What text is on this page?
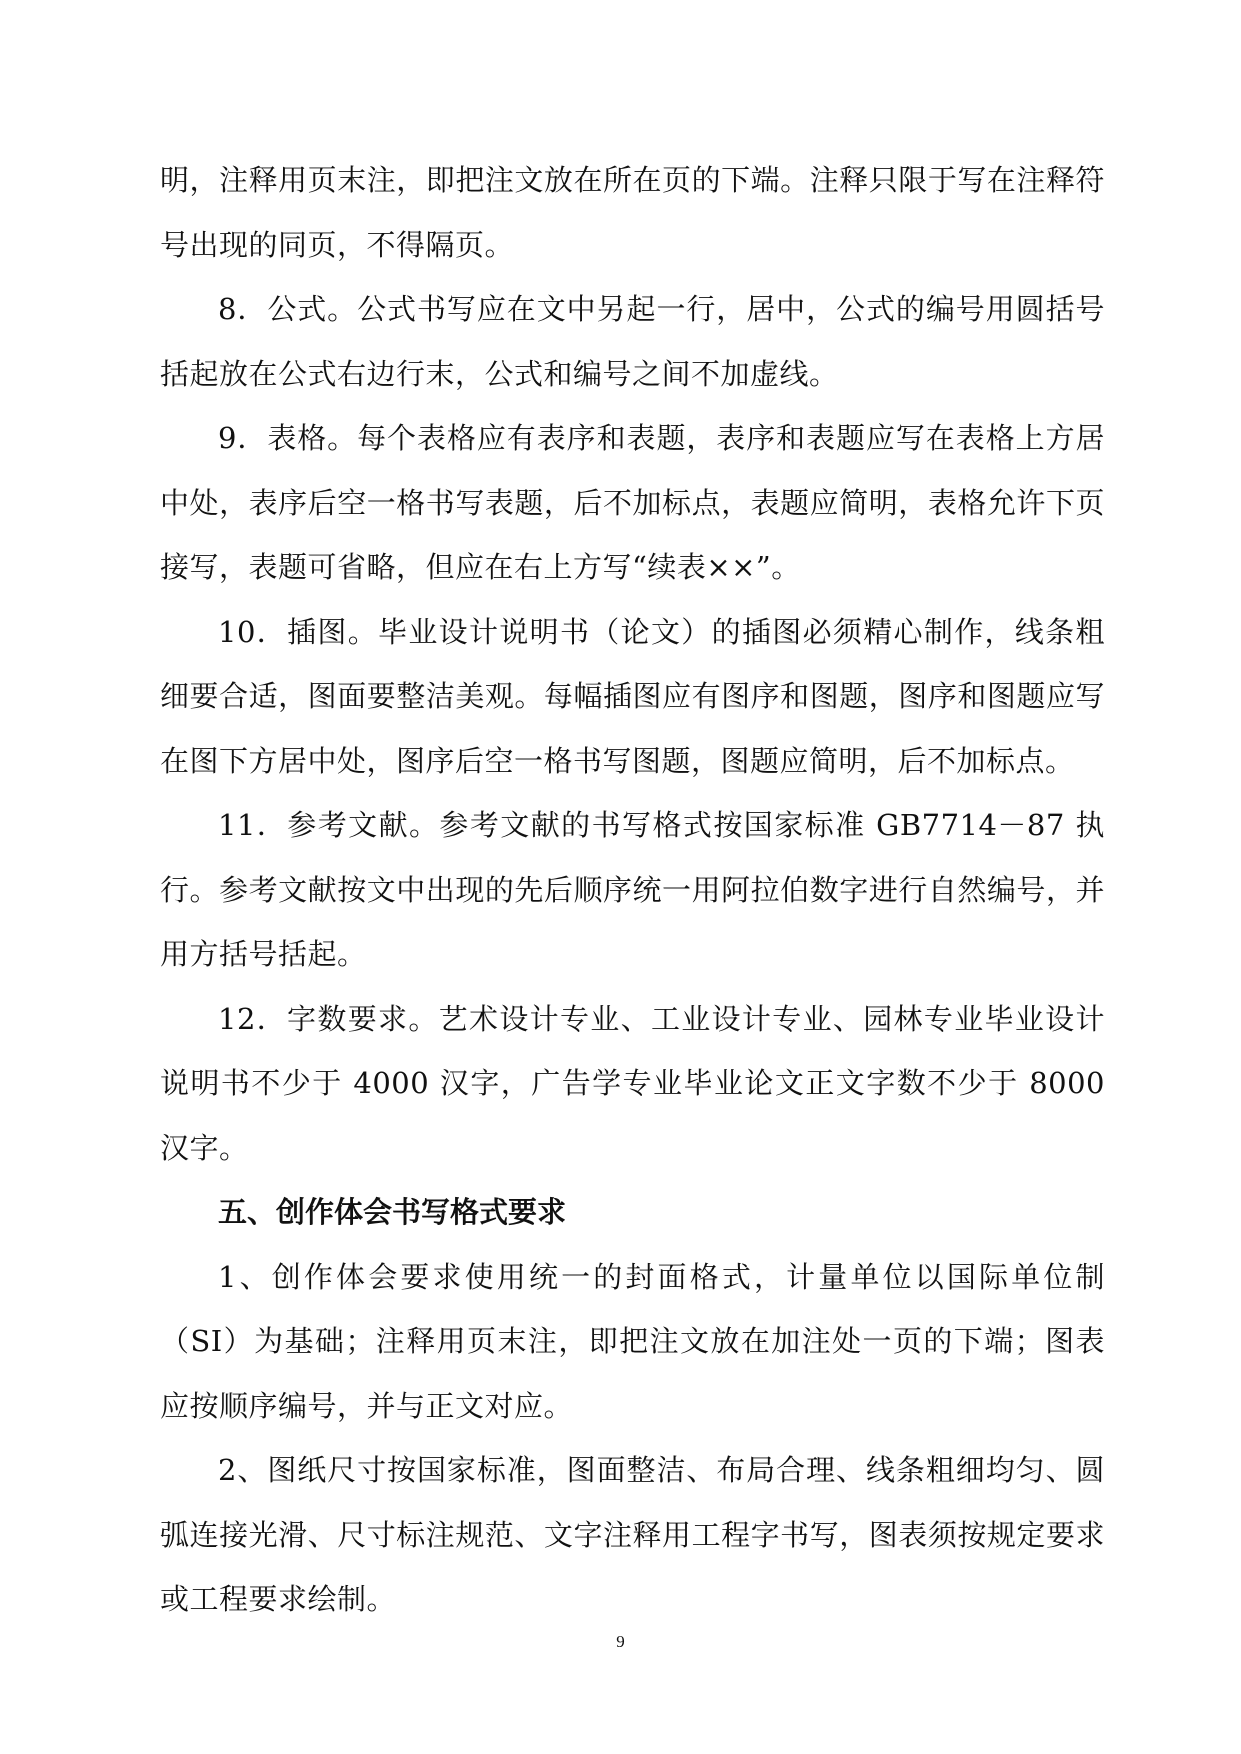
明，注释用页末注，即把注文放在所在页的下端。注释只限于写在注释符号出现的同页，不得隔页。

8．公式。公式书写应在文中另起一行，居中，公式的编号用圆括号括起放在公式右边行末，公式和编号之间不加虚线。

9．表格。每个表格应有表序和表题，表序和表题应写在表格上方居中处，表序后空一格书写表题，后不加标点，表题应简明，表格允许下页接写，表题可省略，但应在右上方写“续表××”。

10．插图。毕业设计说明书（论文）的插图必须精心制作，线条粗细要合适，图面要整洁美观。每幅插图应有图序和图题，图序和图题应写在图下方居中处，图序后空一格书写图题，图题应简明，后不加标点。

11．参考文献。参考文献的书写格式按国家标准 GB7714－87 执行。参考文献按文中出现的先后顺序统一用阿拉伯数字进行自然编号，并用方括号括起。

12．字数要求。艺术设计专业、工业设计专业、园林专业毕业设计说明书不少于 4000 汉字，广告学专业毕业论文正文字数不少于 8000 汉字。

五、创作体会书写格式要求

1、创作体会要求使用统一的封面格式，计量单位以国际单位制（SI）为基础；注释用页末注，即把注文放在加注处一页的下端；图表应按顺序编号，并与正文对应。

2、图纸尺寸按国家标准，图面整洁、布局合理、线条粗细均匀、圆弧连接光滑、尺寸标注规范、文字注释用工程字书写，图表须按规定要求或工程要求绘制。

9
